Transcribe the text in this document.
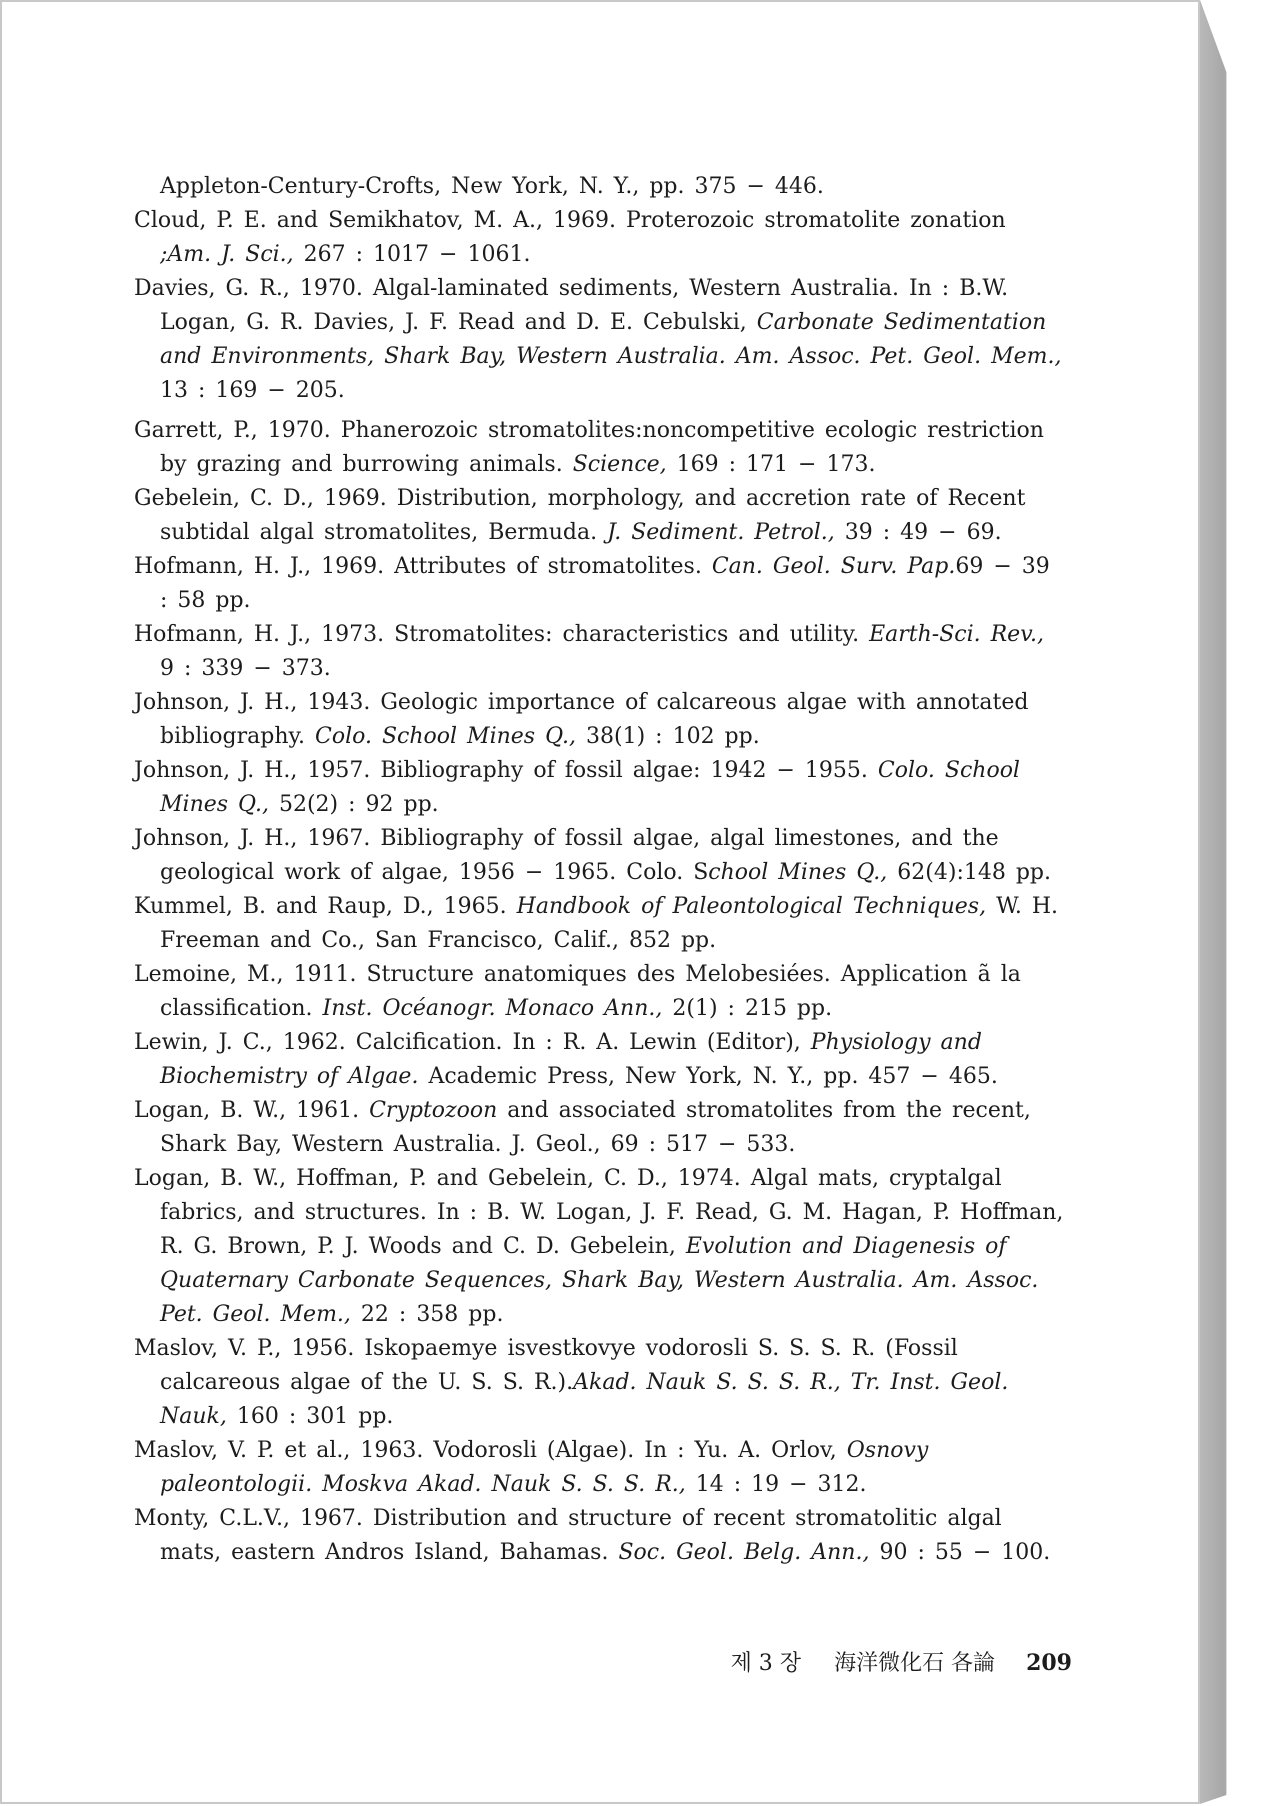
Appleton-Century-Crofts, New York, N. Y., pp. 375 − 446.

Cloud, P. E. and Semikhatov, M. A., 1969. Proterozoic stromatolite zonation ;Am. J. Sci., 267 : 1017 − 1061.

Davies, G. R., 1970. Algal-laminated sediments, Western Australia. In : B.W. Logan, G. R. Davies, J. F. Read and D. E. Cebulski, Carbonate Sedimentation and Environments, Shark Bay, Western Australia. Am. Assoc. Pet. Geol. Mem., 13 : 169 − 205.

Garrett, P., 1970. Phanerozoic stromatolites:noncompetitive ecologic restriction by grazing and burrowing animals. Science, 169 : 171 − 173.

Gebelein, C. D., 1969. Distribution, morphology, and accretion rate of Recent subtidal algal stromatolites, Bermuda. J. Sediment. Petrol., 39 : 49 − 69.

Hofmann, H. J., 1969. Attributes of stromatolites. Can. Geol. Surv. Pap.69 − 39 : 58 pp.

Hofmann, H. J., 1973. Stromatolites: characteristics and utility. Earth-Sci. Rev., 9 : 339 − 373.

Johnson, J. H., 1943. Geologic importance of calcareous algae with annotated bibliography. Colo. School Mines Q., 38(1) : 102 pp.

Johnson, J. H., 1957. Bibliography of fossil algae: 1942 − 1955. Colo. School Mines Q., 52(2) : 92 pp.

Johnson, J. H., 1967. Bibliography of fossil algae, algal limestones, and the geological work of algae, 1956 − 1965. Colo. School Mines Q., 62(4):148 pp.

Kummel, B. and Raup, D., 1965. Handbook of Paleontological Techniques, W. H. Freeman and Co., San Francisco, Calif., 852 pp.

Lemoine, M., 1911. Structure anatomiques des Melobesiées. Application ã la classification. Inst. Océanogr. Monaco Ann., 2(1) : 215 pp.

Lewin, J. C., 1962. Calcification. In : R. A. Lewin (Editor), Physiology and Biochemistry of Algae. Academic Press, New York, N. Y., pp. 457 − 465.

Logan, B. W., 1961. Cryptozoon and associated stromatolites from the recent, Shark Bay, Western Australia. J. Geol., 69 : 517 − 533.

Logan, B. W., Hoffman, P. and Gebelein, C. D., 1974. Algal mats, cryptalgal fabrics, and structures. In : B. W. Logan, J. F. Read, G. M. Hagan, P. Hoffman, R. G. Brown, P. J. Woods and C. D. Gebelein, Evolution and Diagenesis of Quaternary Carbonate Sequences, Shark Bay, Western Australia. Am. Assoc. Pet. Geol. Mem., 22 : 358 pp.

Maslov, V. P., 1956. Iskopaemye isvestkovye vodorosli S. S. S. R. (Fossil calcareous algae of the U. S. S. R.).Akad. Nauk S. S. S. R., Tr. Inst. Geol. Nauk, 160 : 301 pp.

Maslov, V. P. et al., 1963. Vodorosli (Algae). In : Yu. A. Orlov, Osnovy paleontologii. Moskva Akad. Nauk S. S. S. R., 14 : 19 − 312.

Monty, C.L.V., 1967. Distribution and structure of recent stromatolitic algal mats, eastern Andros Island, Bahamas. Soc. Geol. Belg. Ann., 90 : 55 − 100.

제 3 장 海洋微化石 各論 209
